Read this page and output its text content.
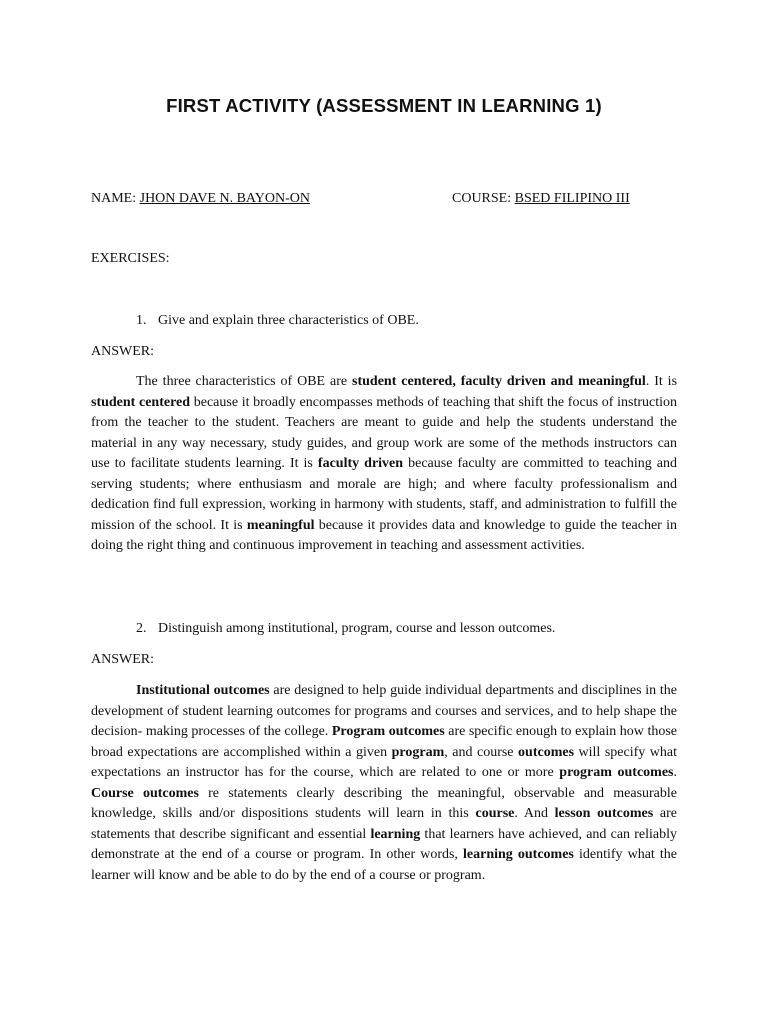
FIRST ACTIVITY (ASSESSMENT IN LEARNING 1)
NAME: JHON DAVE N. BAYON-ON	COURSE: BSED FILIPINO III
EXERCISES:
1. Give and explain three characteristics of OBE.
ANSWER:

The three characteristics of OBE are student centered, faculty driven and meaningful. It is student centered because it broadly encompasses methods of teaching that shift the focus of instruction from the teacher to the student. Teachers are meant to guide and help the students understand the material in any way necessary, study guides, and group work are some of the methods instructors can use to facilitate students learning. It is faculty driven because faculty are committed to teaching and serving students; where enthusiasm and morale are high; and where faculty professionalism and dedication find full expression, working in harmony with students, staff, and administration to fulfill the mission of the school. It is meaningful because it provides data and knowledge to guide the teacher in doing the right thing and continuous improvement in teaching and assessment activities.

2. Distinguish among institutional, program, course and lesson outcomes.
ANSWER:

Institutional outcomes are designed to help guide individual departments and disciplines in the development of student learning outcomes for programs and courses and services, and to help shape the decision- making processes of the college. Program outcomes are specific enough to explain how those broad expectations are accomplished within a given program, and course outcomes will specify what expectations an instructor has for the course, which are related to one or more program outcomes. Course outcomes re statements clearly describing the meaningful, observable and measurable knowledge, skills and/or dispositions students will learn in this course. And lesson outcomes are statements that describe significant and essential learning that learners have achieved, and can reliably demonstrate at the end of a course or program. In other words, learning outcomes identify what the learner will know and be able to do by the end of a course or program.
